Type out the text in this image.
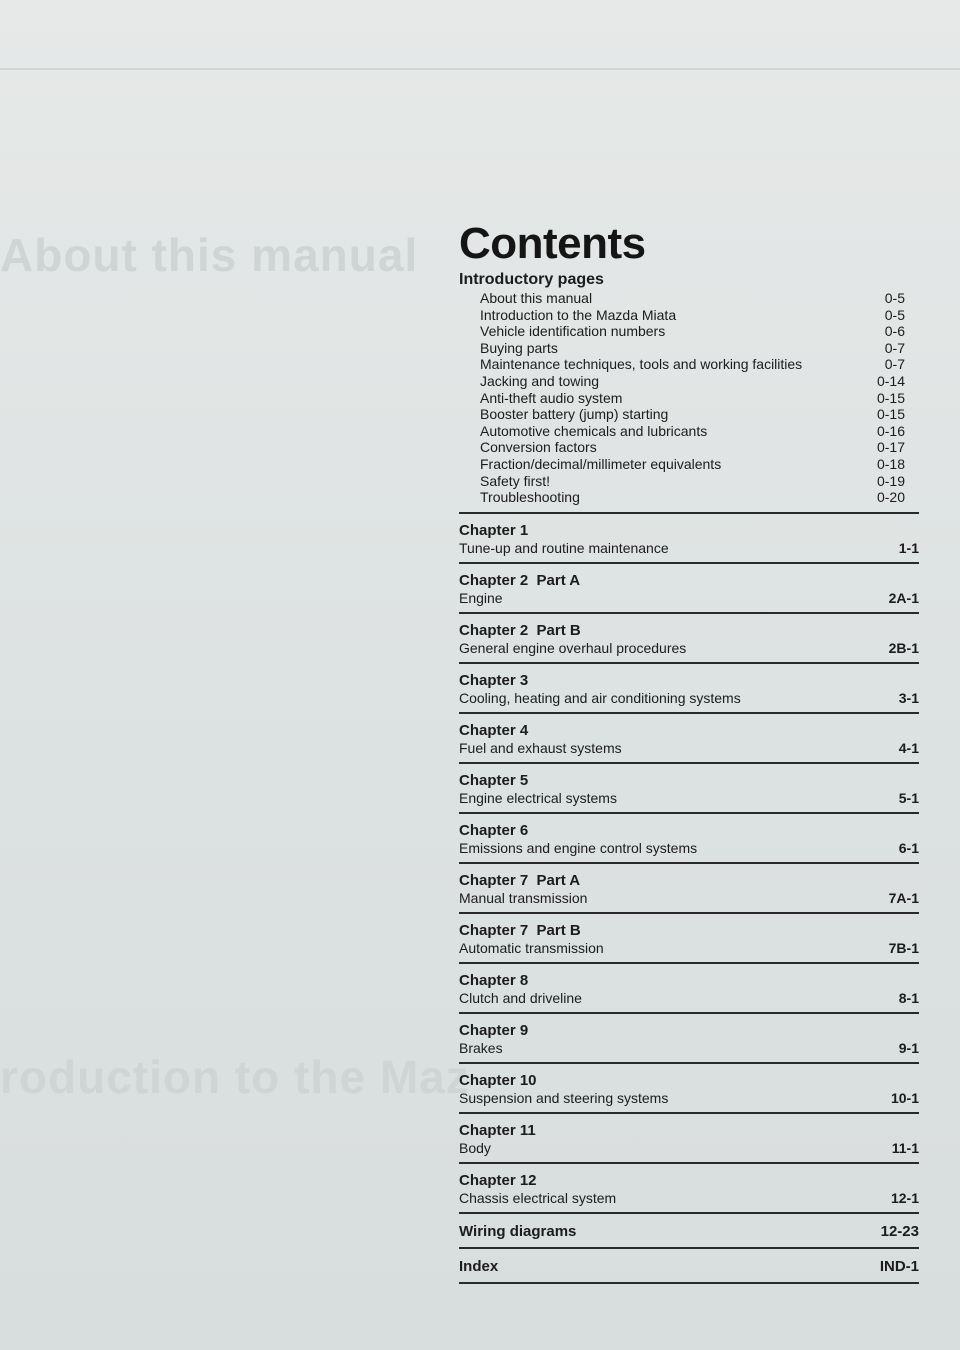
About this manual
roduction to the Maz
Contents
Introductory pages
About this manual	0-5
Introduction to the Mazda Miata	0-5
Vehicle identification numbers	0-6
Buying parts	0-7
Maintenance techniques, tools and working facilities	0-7
Jacking and towing	0-14
Anti-theft audio system	0-15
Booster battery (jump) starting	0-15
Automotive chemicals and lubricants	0-16
Conversion factors	0-17
Fraction/decimal/millimeter equivalents	0-18
Safety first!	0-19
Troubleshooting	0-20
Chapter 1
Tune-up and routine maintenance	1-1
Chapter 2  Part A
Engine	2A-1
Chapter 2  Part B
General engine overhaul procedures	2B-1
Chapter 3
Cooling, heating and air conditioning systems	3-1
Chapter 4
Fuel and exhaust systems	4-1
Chapter 5
Engine electrical systems	5-1
Chapter 6
Emissions and engine control systems	6-1
Chapter 7  Part A
Manual transmission	7A-1
Chapter 7  Part B
Automatic transmission	7B-1
Chapter 8
Clutch and driveline	8-1
Chapter 9
Brakes	9-1
Chapter 10
Suspension and steering systems	10-1
Chapter 11
Body	11-1
Chapter 12
Chassis electrical system	12-1
Wiring diagrams	12-23
Index	IND-1
